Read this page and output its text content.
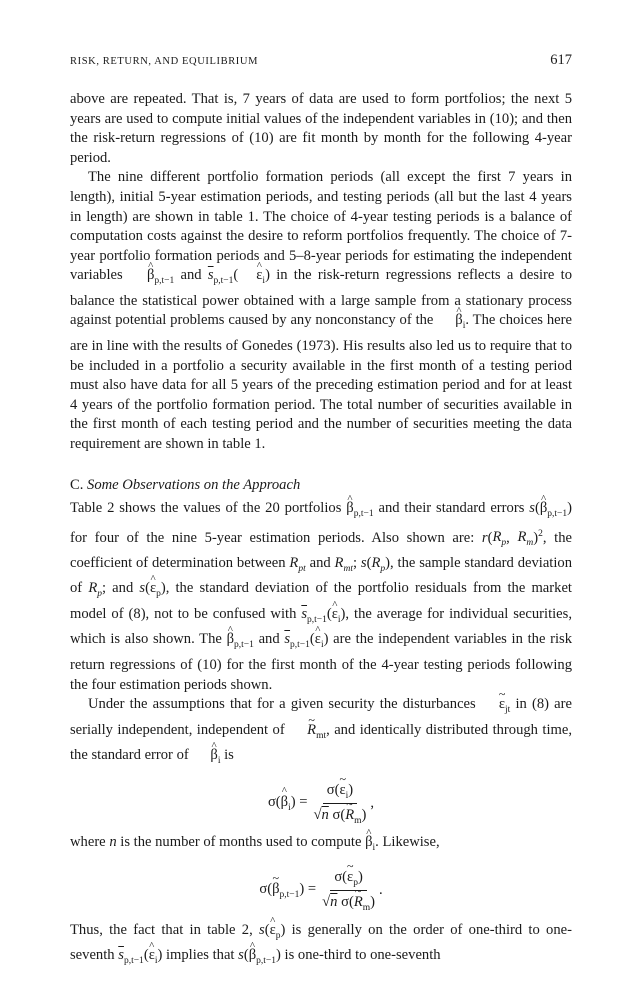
RISK, RETURN, AND EQUILIBRIUM	617

above are repeated. That is, 7 years of data are used to form portfolios; the next 5 years are used to compute initial values of the independent variables in (10); and then the risk-return regressions of (10) are fit month by month for the following 4-year period.

The nine different portfolio formation periods (all except the first 7 years in length), initial 5-year estimation periods, and testing periods (all but the last 4 years in length) are shown in table 1. The choice of 4-year testing periods is a balance of computation costs against the desire to reform portfolios frequently. The choice of 7-year portfolio formation periods and 5–8-year periods for estimating the independent variables ^ $\beta_{p,t-1}$ and $\overline{s}_{p,t-1}$( ^ $\varepsilon_i$) in the risk-return regressions reflects a desire to balance the statistical power obtained with a large sample from a stationary process against potential problems caused by any nonconstancy of the ^ $\beta_i$. The choices here are in line with the results of Gonedes (1973). His results also led us to require that to be included in a portfolio a security available in the first month of a testing period must also have data for all 5 years of the preceding estimation period and for at least 4 years of the portfolio formation period. The total number of securities available in the first month of each testing period and the number of securities meeting the data requirement are shown in table 1.

C. Some Observations on the Approach

Table 2 shows the values of the 20 portfolios ^ $\beta_{p,t-1}$ and their standard errors s(^ $\beta_{p,t-1}$) for four of the nine 5-year estimation periods. Also shown are: $r(R_p$, $R_m)^2$, the coefficient of determination between $R_{pt}$ and $R_{mt}$; $s(R_p)$, the sample standard deviation of $R_p$; and s(^ $\varepsilon_p$), the standard deviation of the portfolio residuals from the market model of (8), not to be confused with $\overline{s}_{p,t-1}(\^{}$ $\varepsilon_i$), the average for individual securities, which is also shown. The ^ $\beta_{p,t-1}$ and $\overline{s}_{p,t-1}(\^{}$ $\varepsilon_i$) are the independent variables in the risk return regressions of (10) for the first month of the 4-year testing periods following the four estimation periods shown.

Under the assumptions that for a given security the disturbances ~ $\varepsilon_{jt}$ in (8) are serially independent, independent of ~ $R_{mt}$, and identically distributed through time, the standard error of ^ $\beta_i$ is

σ(^ $\beta_i) = \frac{\sigma(\sim \varepsilon_i)}{√n \sigma(\sim R_m)}$ ,

where n is the number of months used to compute ^ $\beta_i$. Likewise,

σ(~ $\beta_{p,t-1}) = \frac{\sigma(\sim \varepsilon_p)}{√n \sigma(\sim R_m)}$ .

Thus, the fact that in table 2, s(^ $\varepsilon_p$) is generally on the order of one-third to one-seventh $\overline{s}_{p,t-1}(\^{}$ $\varepsilon_i$) implies that s(^ $\beta_{p,t-1}$) is one-third to one-seventh
